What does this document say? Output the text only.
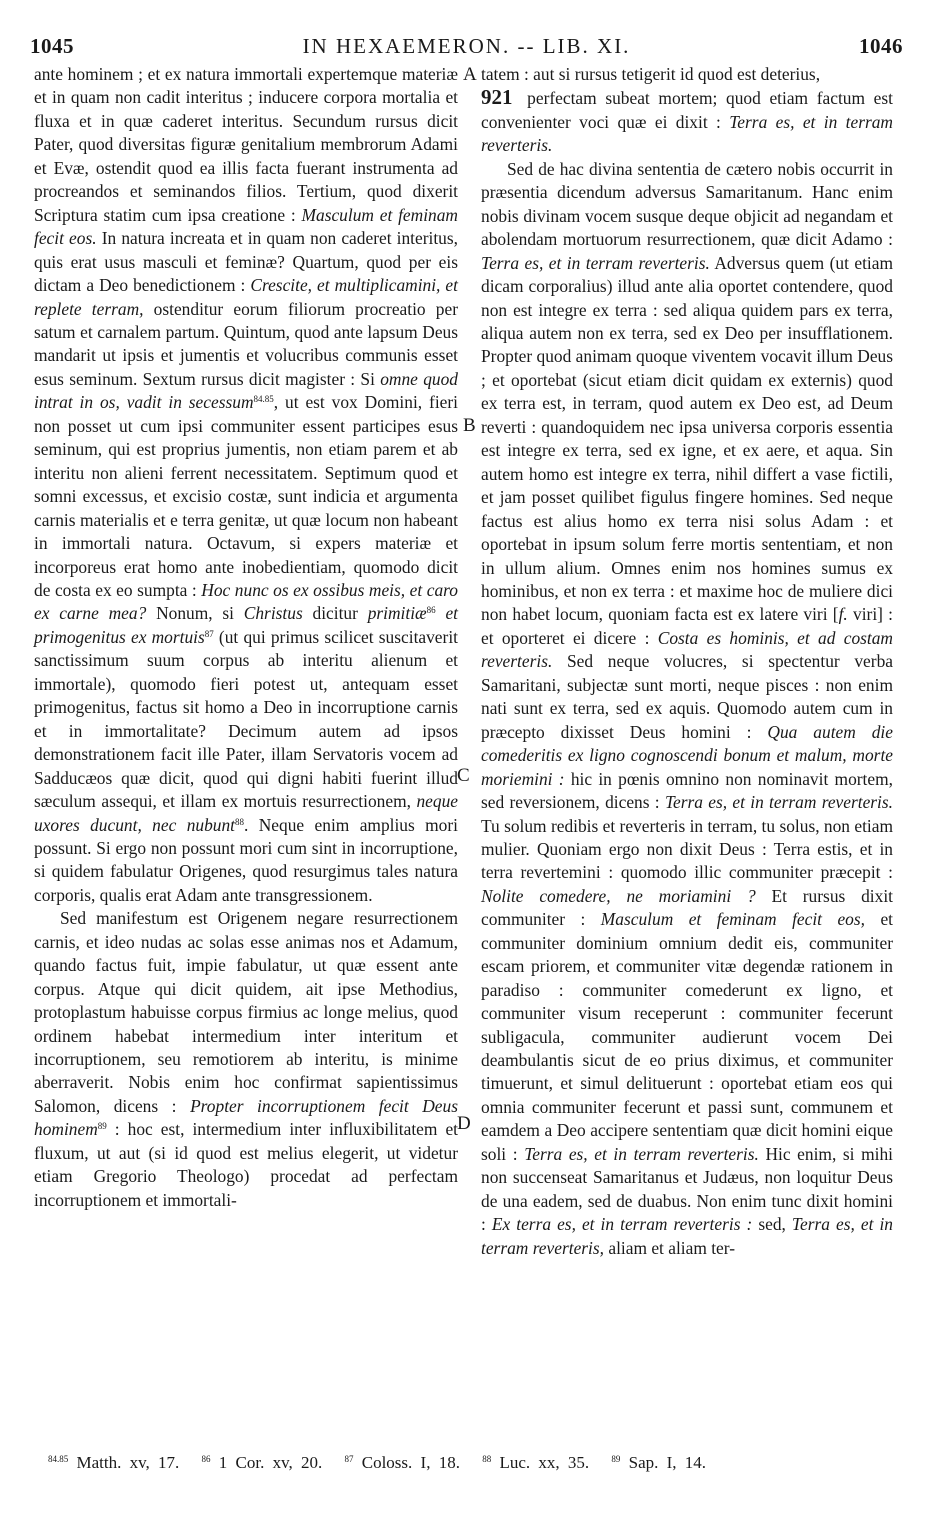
1045	IN HEXAEMERON. -- LIB. XI.	1046
A
B
C
D

ante hominem ; et ex natura immortali expertemque materiæ et in quam non cadit interitus ; inducere corpora mortalia et fluxa et in quæ caderet interitus. Secundum rursus dicit Pater, quod diversitas figuræ genitalium membrorum Adami et Evæ, ostendit quod ea illis facta fuerant instrumenta ad procreandos et seminandos filios. Tertium, quod dixerit Scriptura statim cum ipsa creatione : Masculum et feminam fecit eos. In natura increata et in quam non caderet interitus, quis erat usus masculi et feminæ? Quartum, quod per eis dictam a Deo benedictionem : Crescite, et multiplicamini, et replete terram, ostenditur eorum filiorum procreatio per satum et carnalem partum. Quintum, quod ante lapsum Deus mandarit ut ipsis et jumentis et volucribus communis esset esus seminum. Sextum rursus dicit magister : Si omne quod intrat in os, vadit in secessum$^{84.85}$, ut est vox Domini, fieri non posset ut cum ipsi communiter essent participes esus seminum, qui est proprius jumentis, non etiam parem et ab interitu non alieni ferrent necessitatem. Septimum quod et somni excessus, et excisio costæ, sunt indicia et argumenta carnis materialis et e terra genitæ, ut quæ locum non habeant in immortali natura. Octavum, si expers materiæ et incorporeus erat homo ante inobedientiam, quomodo dicit de costa ex eo sumpta : Hoc nunc os ex ossibus meis, et caro ex carne mea? Nonum, si Christus dicitur primitiæ$^{86}$ et primogenitus ex mortuis$^{87}$ (ut qui primus scilicet suscitaverit sanctissimum suum corpus ab interitu alienum et immortale), quomodo fieri potest ut, antequam esset primogenitus, factus sit homo a Deo in incorruptione carnis et in immortalitate? Decimum autem ad ipsos demonstrationem facit ille Pater, illam Servatoris vocem ad Sadducæos quæ dicit, quod qui digni habiti fuerint illud sæculum assequi, et illam ex mortuis resurrectionem, neque uxores ducunt, nec nubunt$^{88}$. Neque enim amplius mori possunt. Si ergo non possunt mori cum sint in incorruptione, si quidem fabulatur Origenes, quod resurgimus tales natura corporis, qualis erat Adam ante transgressionem.

Sed manifestum est Origenem negare resurrectionem carnis, et ideo nudas ac solas esse animas nos et Adamum, quando factus fuit, impie fabulatur, ut quæ essent ante corpus. Atque qui dicit quidem, ait ipse Methodius, protoplastum habuisse corpus firmius ac longe melius, quod ordinem habebat intermedium inter interitum et incorruptionem, seu remotiorem ab interitu, is minime aberraverit. Nobis enim hoc confirmat sapientissimus Salomon, dicens : Propter incorruptionem fecit Deus hominem$^{89}$ : hoc est, intermedium inter influxibilitatem et fluxum, ut aut (si id quod est melius elegerit, ut videtur etiam Gregorio Theologo) procedat ad perfectam incorruptionem et immortali-

tatem : aut si rursus tetigerit id quod est deterius,
921 perfectam subeat mortem; quod etiam factum est convenienter voci quæ ei dixit : Terra es, et in terram reverteris.

Sed de hac divina sententia de cætero nobis occurrit in præsentia dicendum adversus Samaritanum. Hanc enim nobis divinam vocem susque deque objicit ad negandam et abolendam mortuorum resurrectionem, quæ dicit Adamo : Terra es, et in terram reverteris. Adversus quem (ut etiam dicam corporalius) illud ante alia oportet contendere, quod non est integre ex terra : sed aliqua quidem pars ex terra, aliqua autem non ex terra, sed ex Deo per insufflationem. Propter quod animam quoque viventem vocavit illum Deus ; et oportebat (sicut etiam dicit quidam ex externis) quod ex terra est, in terram, quod autem ex Deo est, ad Deum reverti : quandoquidem nec ipsa universa corporis essentia est integre ex terra, sed ex igne, et ex aere, et aqua. Sin autem homo est integre ex terra, nihil differt a vase fictili, et jam posset quilibet figulus fingere homines. Sed neque factus est alius homo ex terra nisi solus Adam : et oportebat in ipsum solum ferre mortis sententiam, et non in ullum alium. Omnes enim nos homines sumus ex hominibus, et non ex terra : et maxime hoc de muliere dici non habet locum, quoniam facta est ex latere viri [f. viri] : et oporteret ei dicere : Costa es hominis, et ad costam reverteris. Sed neque volucres, si spectentur verba Samaritani, subjectæ sunt morti, neque pisces : non enim nati sunt ex terra, sed ex aquis. Quomodo autem cum in præcepto dixisset Deus homini : Qua autem die comederitis ex ligno cognoscendi bonum et malum, morte moriemini : hic in pœnis omnino non nominavit mortem, sed reversionem, dicens : Terra es, et in terram reverteris. Tu solum redibis et reverteris in terram, tu solus, non etiam mulier. Quoniam ergo non dixit Deus : Terra estis, et in terra revertemini : quomodo illic communiter præcepit : Nolite comedere, ne moriamini ? Et rursus dixit communiter : Masculum et feminam fecit eos, et communiter dominium omnium dedit eis, communiter escam priorem, et communiter vitæ degendæ rationem in paradiso : communiter comederunt ex ligno, et communiter visum receperunt : communiter fecerunt subligacula, communiter audierunt vocem Dei deambulantis sicut de eo prius diximus, et communiter timuerunt, et simul delituerunt : oportebat etiam eos qui omnia communiter fecerunt et passi sunt, communem et eamdem a Deo accipere sententiam quæ dicit homini eique soli : Terra es, et in terram reverteris. Hic enim, si mihi non succenseat Samaritanus et Judæus, non loquitur Deus de una eadem, sed de duabus. Non enim tunc dixit homini : Ex terra es, et in terram reverteris : sed, Terra es, et in terram reverteris, aliam et aliam ter-

$^{84.85}$ Matth. xv, 17. $^{86}$ 1 Cor. xv, 20. $^{87}$ Coloss. I, 18. $^{88}$ Luc. xx, 35. $^{89}$ Sap. I, 14.
